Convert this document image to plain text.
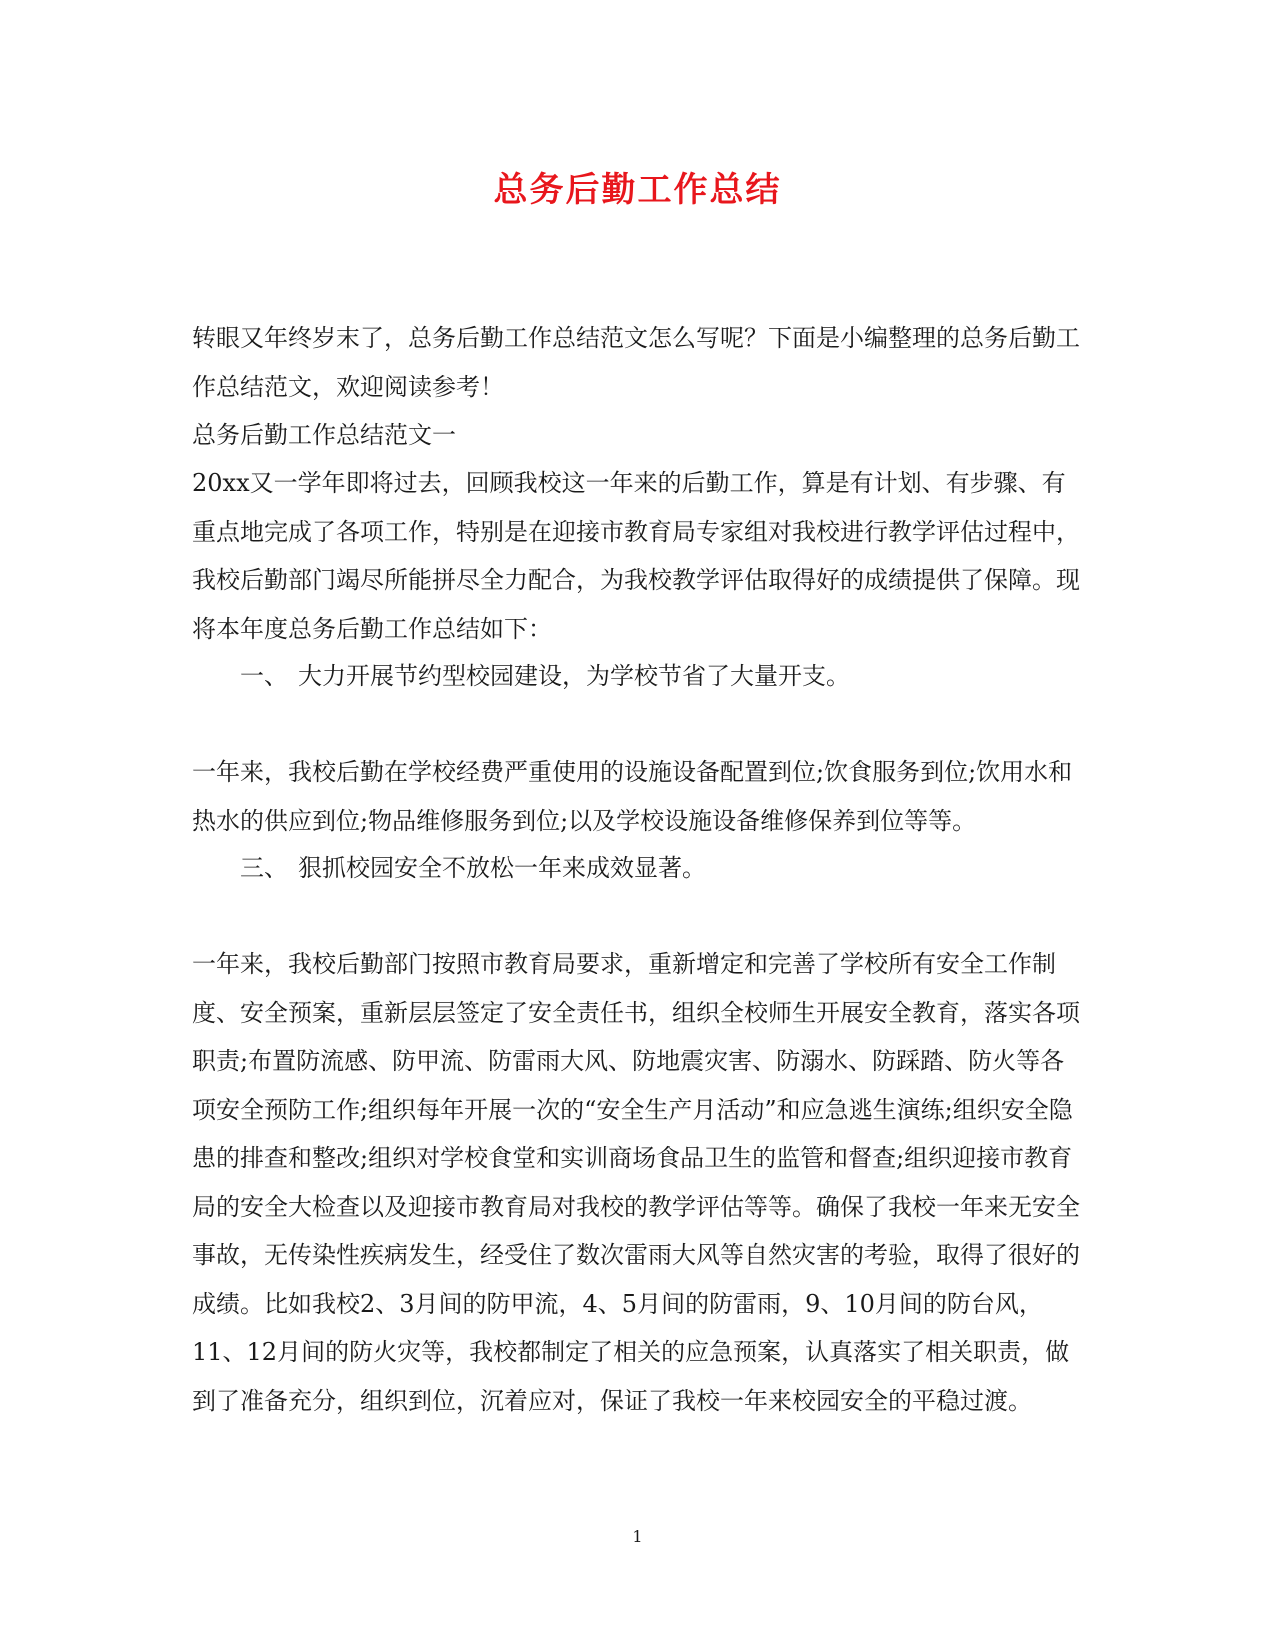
总务后勤工作总结

转眼又年终岁末了，总务后勤工作总结范文怎么写呢？下面是小编整理的总务后勤工作总结范文，欢迎阅读参考！

总务后勤工作总结范文一

20xx又一学年即将过去，回顾我校这一年来的后勤工作，算是有计划、有步骤、有重点地完成了各项工作，特别是在迎接市教育局专家组对我校进行教学评估过程中，我校后勤部门竭尽所能拼尽全力配合，为我校教学评估取得好的成绩提供了保障。现将本年度总务后勤工作总结如下：

一、 大力开展节约型校园建设，为学校节省了大量开支。

一年来，我校后勤在学校经费严重使用的设施设备配置到位;饮食服务到位;饮用水和热水的供应到位;物品维修服务到位;以及学校设施设备维修保养到位等等。

三、 狠抓校园安全不放松一年来成效显著。

一年来，我校后勤部门按照市教育局要求，重新增定和完善了学校所有安全工作制度、安全预案，重新层层签定了安全责任书，组织全校师生开展安全教育，落实各项职责;布置防流感、防甲流、防雷雨大风、防地震灾害、防溺水、防踩踏、防火等各项安全预防工作;组织每年开展一次的“安全生产月活动”和应急逃生演练;组织安全隐患的排查和整改;组织对学校食堂和实训商场食品卫生的监管和督查;组织迎接市教育局的安全大检查以及迎接市教育局对我校的教学评估等等。确保了我校一年来无安全事故，无传染性疾病发生，经受住了数次雷雨大风等自然灾害的考验，取得了很好的成绩。比如我校2、3月间的防甲流，4、5月间的防雷雨，9、10月间的防台风，11、12月间的防火灾等，我校都制定了相关的应急预案，认真落实了相关职责，做到了准备充分，组织到位，沉着应对，保证了我校一年来校园安全的平稳过渡。

1
